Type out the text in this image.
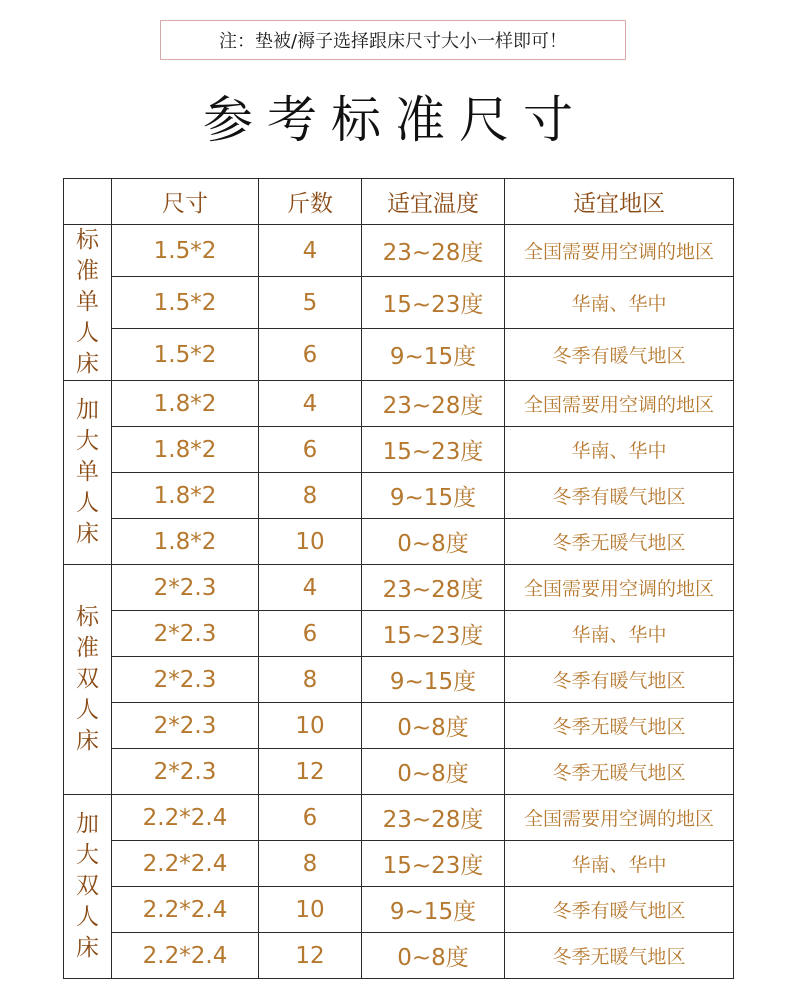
注：垫被/褥子选择跟床尺寸大小一样即可！
参考标准尺寸
	尺寸	斤数	适宜温度	适宜地区
标准单人床	1.5*2	4	23~28度	全国需要用空调的地区
	1.5*2	5	15~23度	华南、华中
	1.5*2	6	9~15度	冬季有暖气地区
加大单人床	1.8*2	4	23~28度	全国需要用空调的地区
	1.8*2	6	15~23度	华南、华中
	1.8*2	8	9~15度	冬季有暖气地区
	1.8*2	10	0~8度	冬季无暖气地区
标准双人床	2*2.3	4	23~28度	全国需要用空调的地区
	2*2.3	6	15~23度	华南、华中
	2*2.3	8	9~15度	冬季有暖气地区
	2*2.3	10	0~8度	冬季无暖气地区
	2*2.3	12	0~8度	冬季无暖气地区
加大双人床	2.2*2.4	6	23~28度	全国需要用空调的地区
	2.2*2.4	8	15~23度	华南、华中
	2.2*2.4	10	9~15度	冬季有暖气地区
	2.2*2.4	12	0~8度	冬季无暖气地区
